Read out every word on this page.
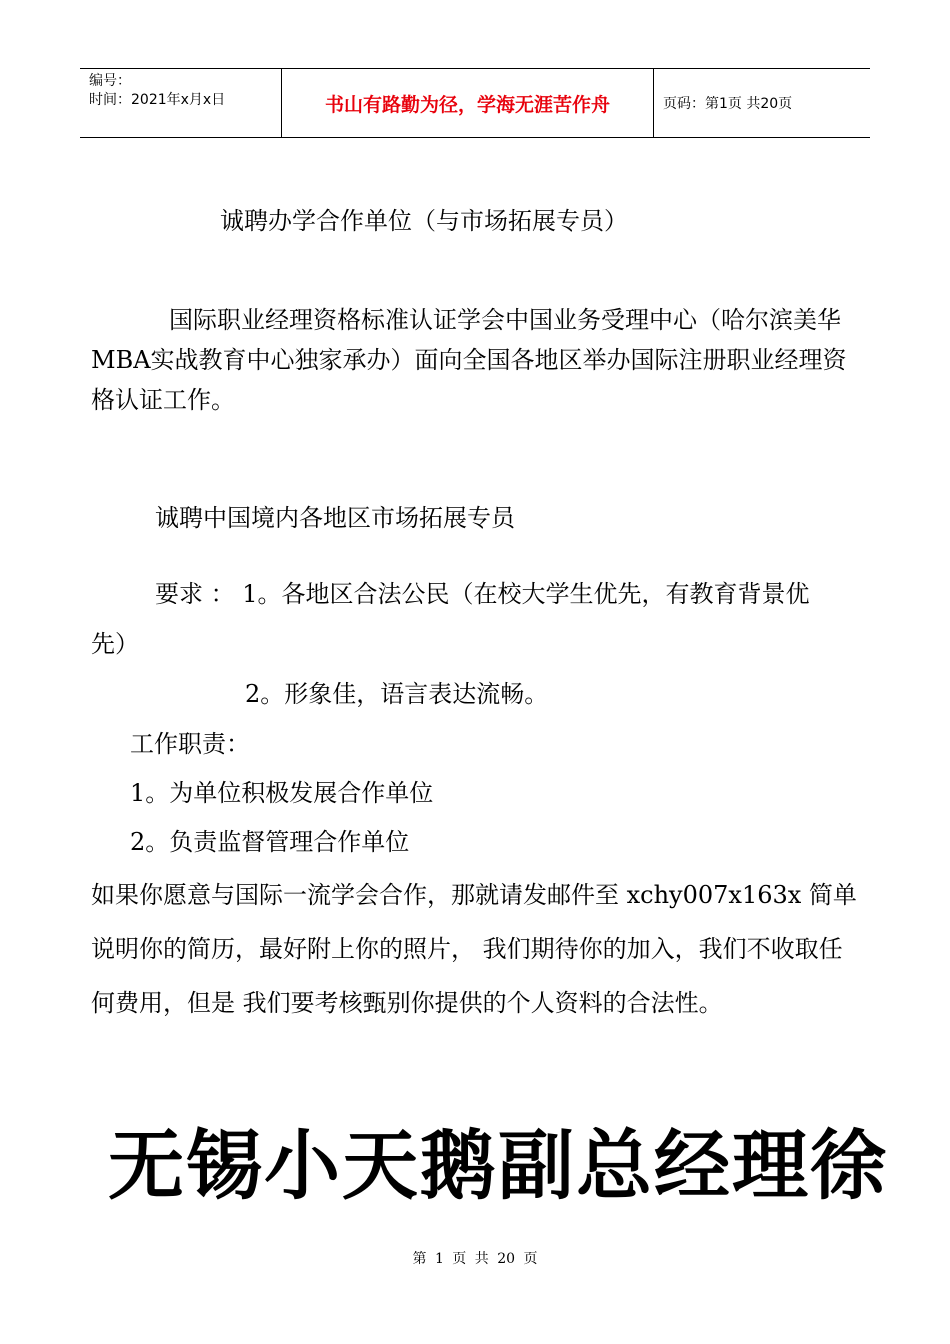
编号：
时间：2021年x月x日	书山有路勤为径，学海无涯苦作舟	页码：第1页 共20页
诚聘办学合作单位（与市场拓展专员）
国际职业经理资格标准认证学会中国业务受理中心（哈尔滨美华MBA实战教育中心独家承办）面向全国各地区举办国际注册职业经理资格认证工作。
诚聘中国境内各地区市场拓展专员
要求 ： 1。各地区合法公民（在校大学生优先，有教育背景优
先）
2。形象佳，语言表达流畅。
工作职责：
1。为单位积极发展合作单位
2。负责监督管理合作单位
如果你愿意与国际一流学会合作，那就请发邮件至 xchy007x163x 简单说明你的简历，最好附上你的照片， 我们期待你的加入，我们不收取任何费用，但是 我们要考核甄别你提供的个人资料的合法性。
无锡小天鹅副总经理徐
第 1 页 共 20 页
